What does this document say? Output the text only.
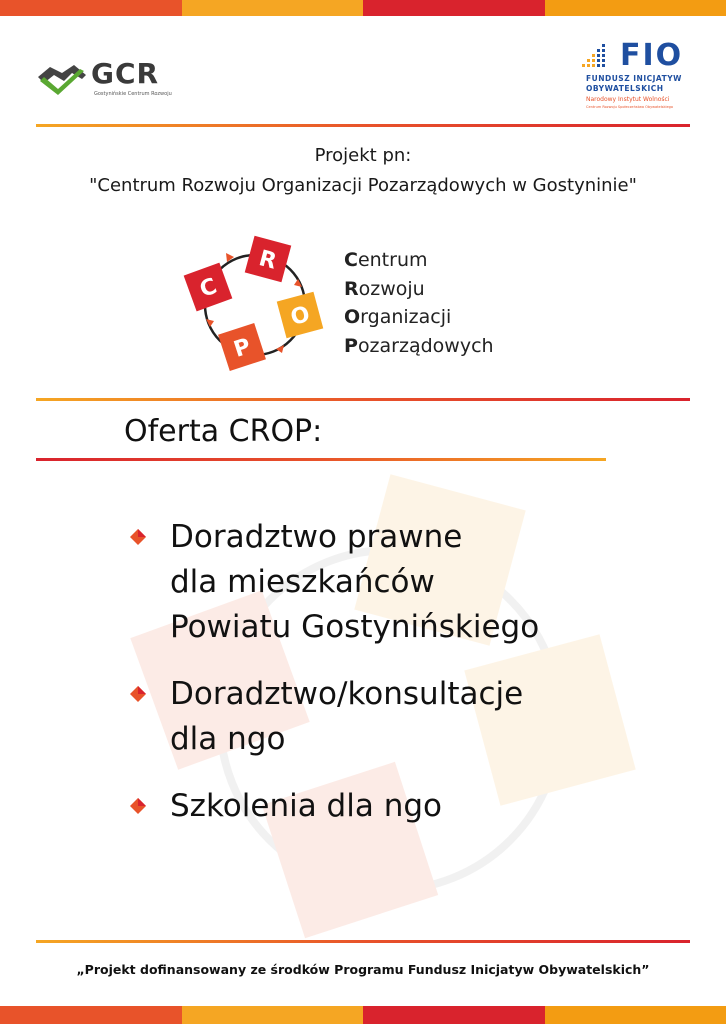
GCR
Gostynińskie Centrum Rozwoju
FIO
FUNDUSZ INICJATYW
OBYWATELSKICH
Narodowy Instytut Wolności
Centrum Rozwoju Społeczeństwa Obywatelskiego
Projekt pn:
"Centrum Rozwoju Organizacji Pozarządowych w Gostyninie"
C
R
O
P
Centrum
Rozwoju
Organizacji
Pozarządowych
Oferta CROP:
Doradztwo prawne
dla mieszkańców
Powiatu Gostynińskiego
Doradztwo/konsultacje
dla ngo
Szkolenia dla ngo
„Projekt dofinansowany ze środków Programu Fundusz Inicjatyw Obywatelskich”
